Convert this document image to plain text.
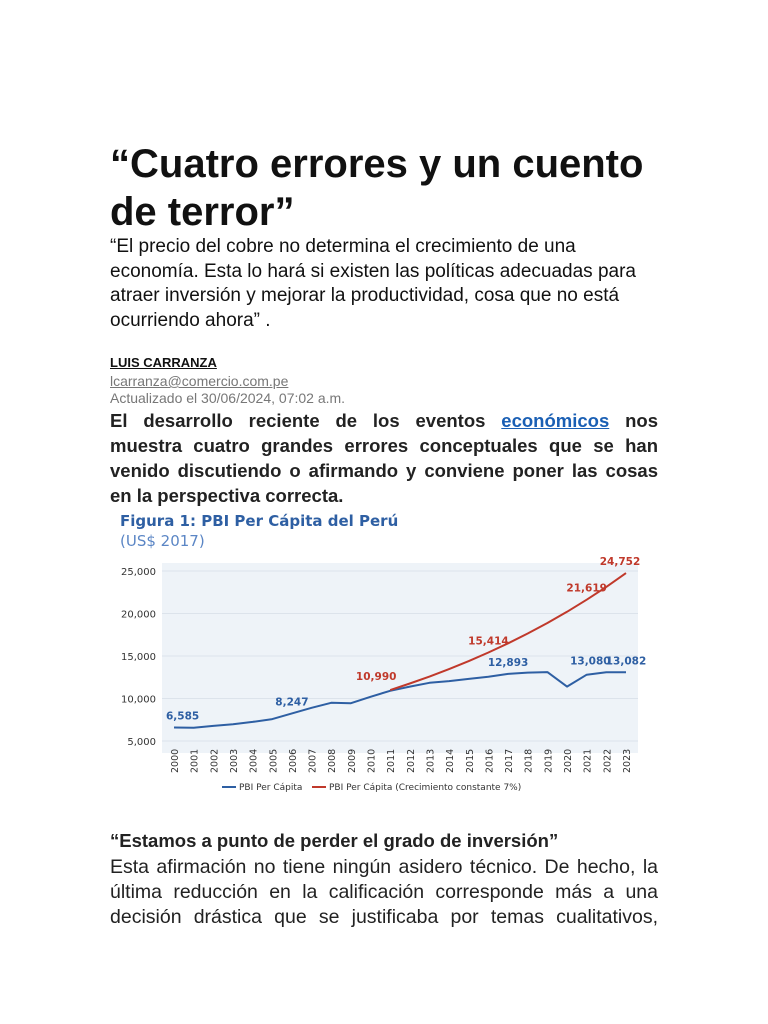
“Cuatro errores y un cuento de terror”

“El precio del cobre no determina el crecimiento de una economía. Esta lo hará si existen las políticas adecuadas para atraer inversión y mejorar la productividad, cosa que no está ocurriendo ahora” .

LUIS CARRANZA

lcarranza@comercio.com.pe

Actualizado el 30/06/2024, 07:02 a.m.

El desarrollo reciente de los eventos económicos nos muestra cuatro grandes errores conceptuales que se han venido discutiendo o afirmando y conviene poner las cosas en la perspectiva correcta.

Figura 1: PBI Per Cápita del Perú
(US$ 2017)
5,000
10,000
15,000
20,000
25,000
2000 2001 2002 2003 2004 2005 2006 2007 2008 2009 2010 2011 2012 2013 2014 2015 2016 2017 2018 2019 2020 2021 2022 2023
6,585
8,247
10,990
12,893
15,414
13,080
13,082
21,619
24,752
PBI Per Cápita	PBI Per Cápita (Crecimiento constante 7%)

“Estamos a punto de perder el grado de inversión”

Esta afirmación no tiene ningún asidero técnico. De hecho, la última reducción en la calificación corresponde más a una decisión drástica que se justificaba por temas cualitativos,
